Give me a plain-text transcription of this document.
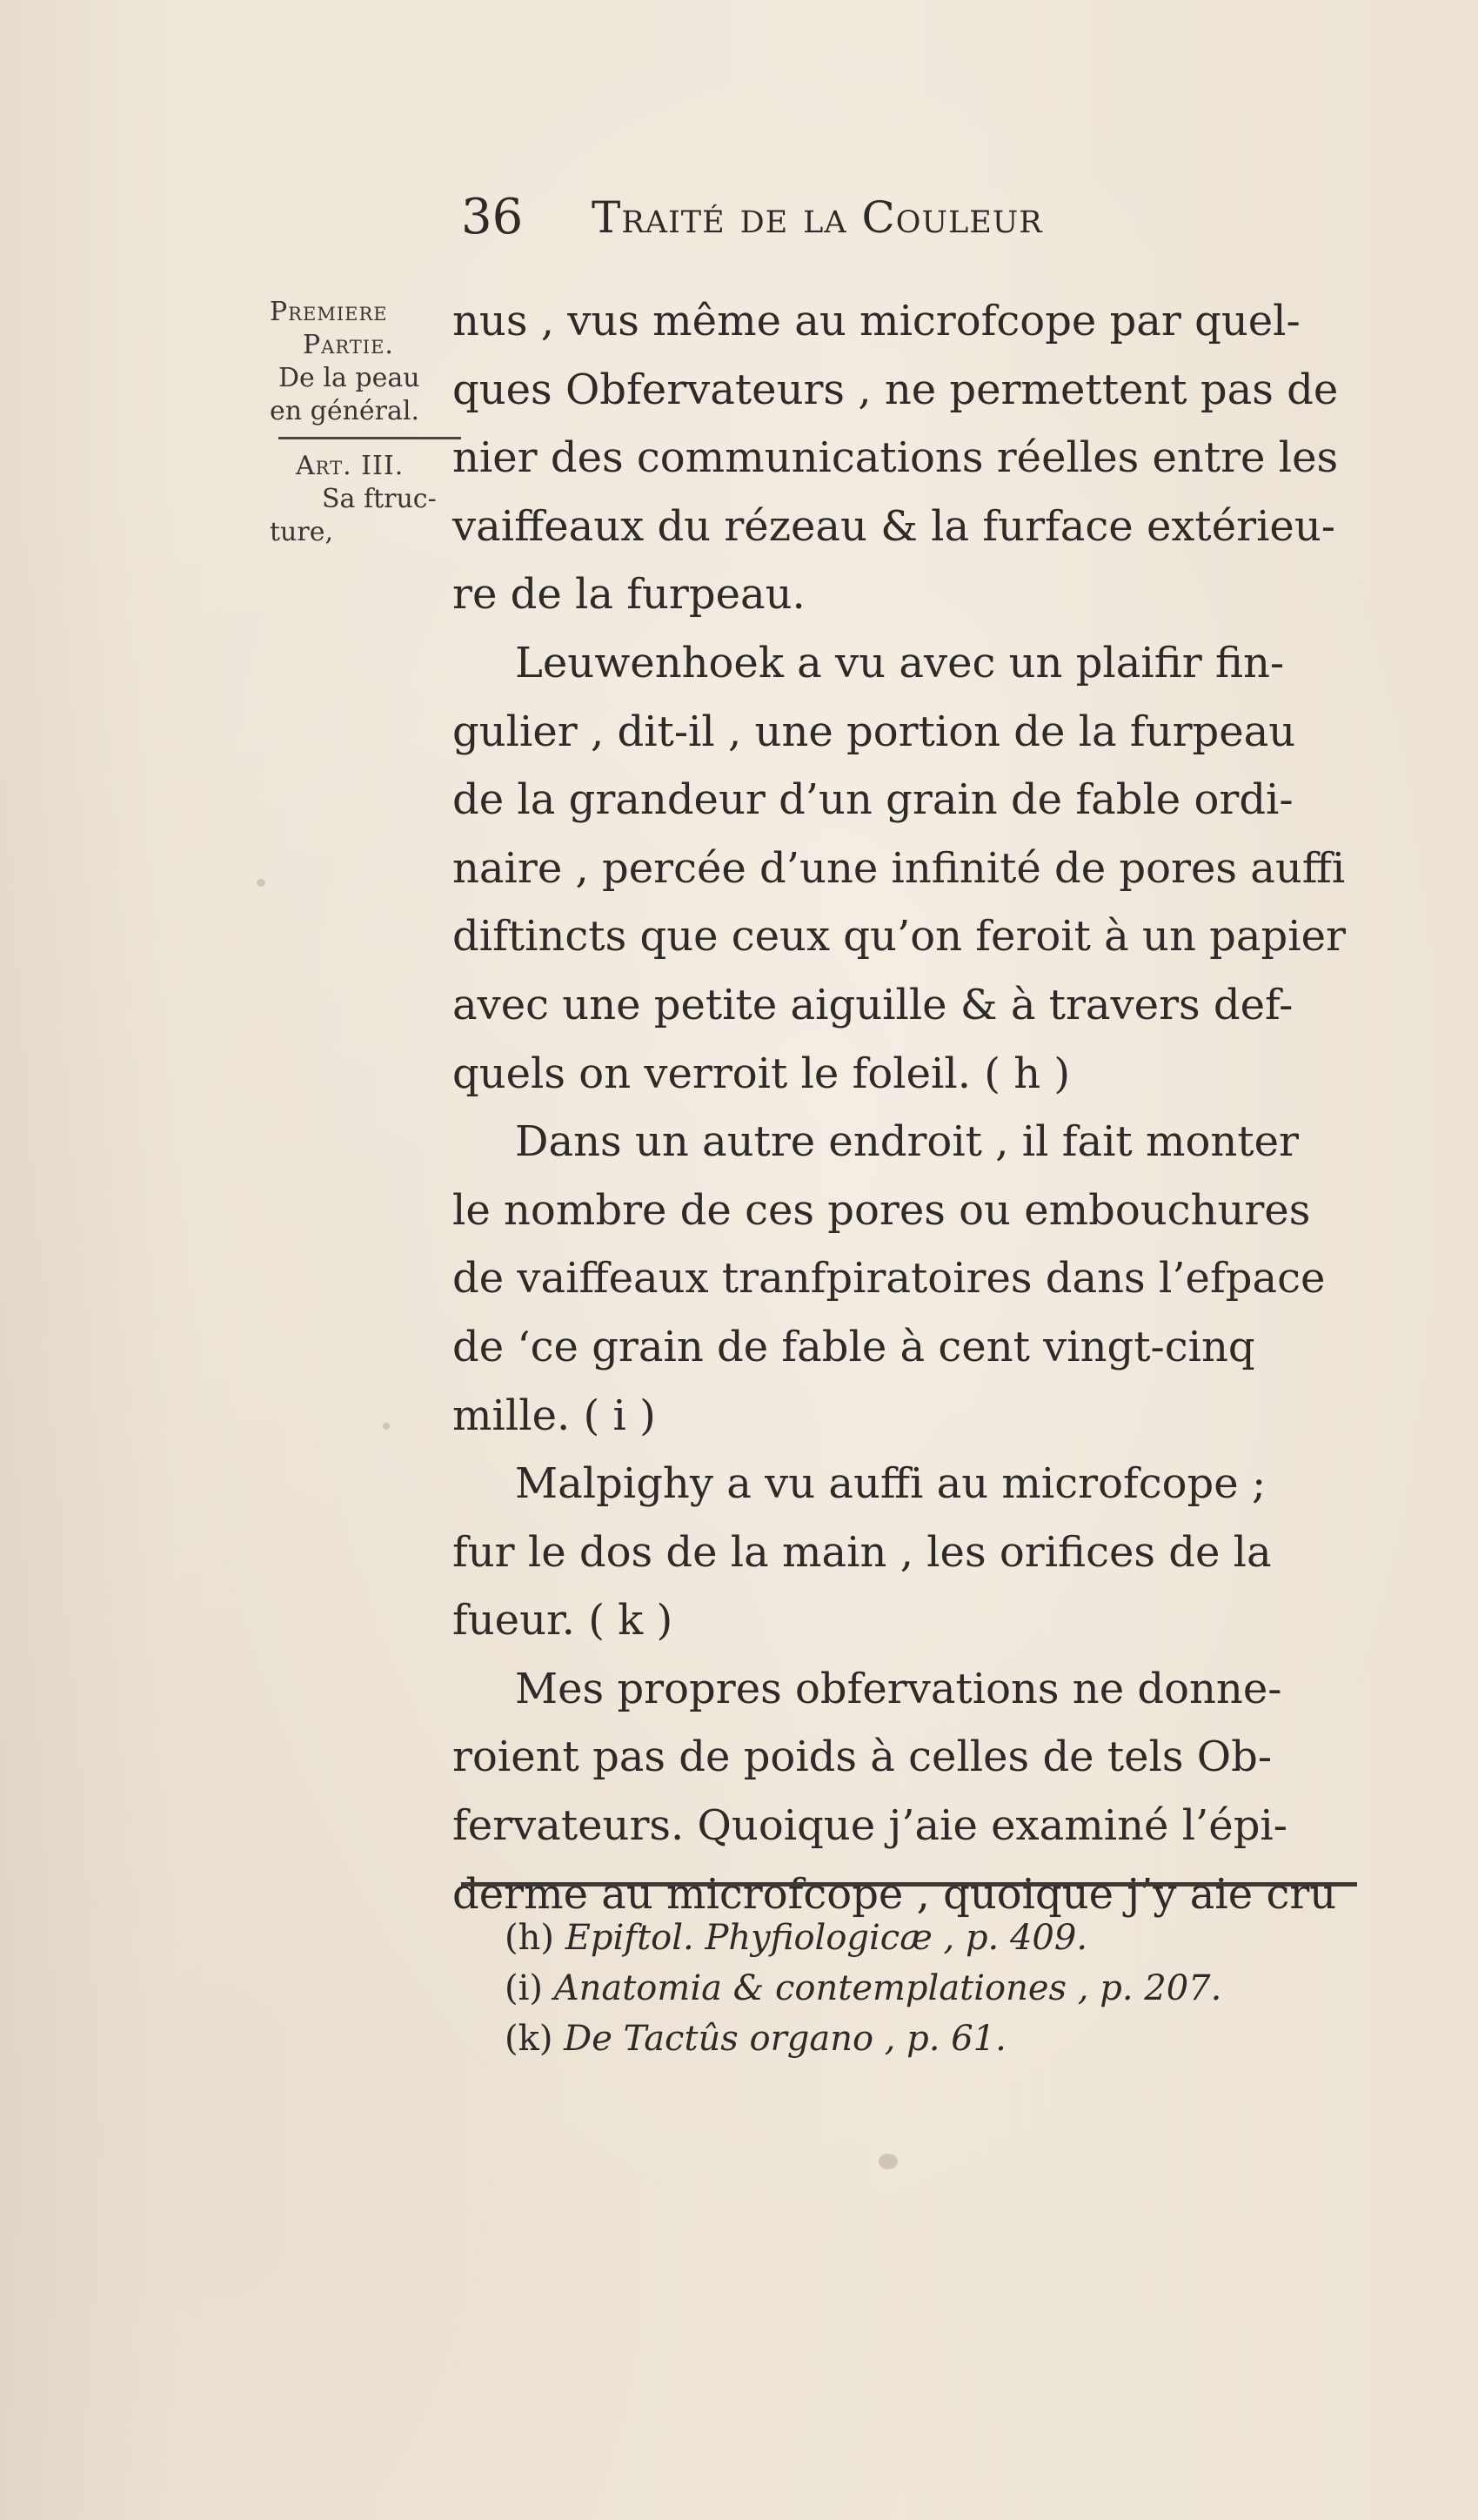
36 Traité de la Couleur
Premiere
Partie.
De la peau
en général.
Art. III.
Sa ftruc-
ture,
nus , vus même au microfcope par quel-
ques Obfervateurs , ne permettent pas de
nier des communications réelles entre les
vaiffeaux du rézeau & la furface extérieu-
re de la furpeau.
Leuwenhoek a vu avec un plaifir fin-
gulier , dit-il , une portion de la furpeau
de la grandeur d’un grain de fable ordi-
naire , percée d’une infinité de pores auffi
diftincts que ceux qu’on feroit à un papier
avec une petite aiguille & à travers def-
quels on verroit le foleil. ( h )
Dans un autre endroit , il fait monter
le nombre de ces pores ou embouchures
de vaiffeaux tranfpiratoires dans l’efpace
de ‘ce grain de fable à cent vingt-cinq
mille. ( i )
Malpighy a vu auffi au microfcope ;
fur le dos de la main , les orifices de la
fueur. ( k )
Mes propres obfervations ne donne-
roient pas de poids à celles de tels Ob-
fervateurs. Quoique j’aie examiné l’épi-
derme au microfcope , quoique j’y aie cru
(h) Epiftol. Phyfiologicæ , p. 409.
(i) Anatomia & contemplationes , p. 207.
(k) De Tactûs organo , p. 61.
